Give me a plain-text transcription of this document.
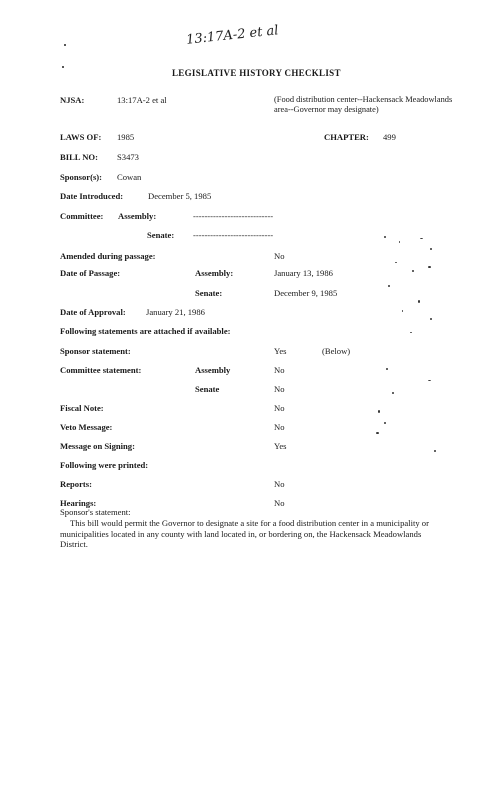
13:17A-2 et al
LEGISLATIVE HISTORY CHECKLIST
NJSA:	13:17A-2 et al	(Food distribution center--Hackensack Meadowlands area--Governor may designate)
LAWS OF: 1985	CHAPTER: 499
BILL NO: S3473
Sponsor(s): Cowan
Date Introduced:	December 5, 1985
Committee: Assembly:	----------------------------
Senate: ----------------------------
Amended during passage:	No
Date of Passage:	Assembly:	January 13, 1986
Senate:	December 9, 1985
Date of Approval: January 21, 1986
Following statements are attached if available:
Sponsor statement:	Yes	(Below)
Committee statement:	Assembly	No
Senate	No
Fiscal Note:	No
Veto Message:	No
Message on Signing:	Yes
Following were printed:
Reports:	No
Hearings:	No
Sponsor's statement:

This bill would permit the Governor to designate a site for a food distribution center in a municipality or municipalities located in any county with land located in, or bordering on, the Hackensack Meadowlands District.
